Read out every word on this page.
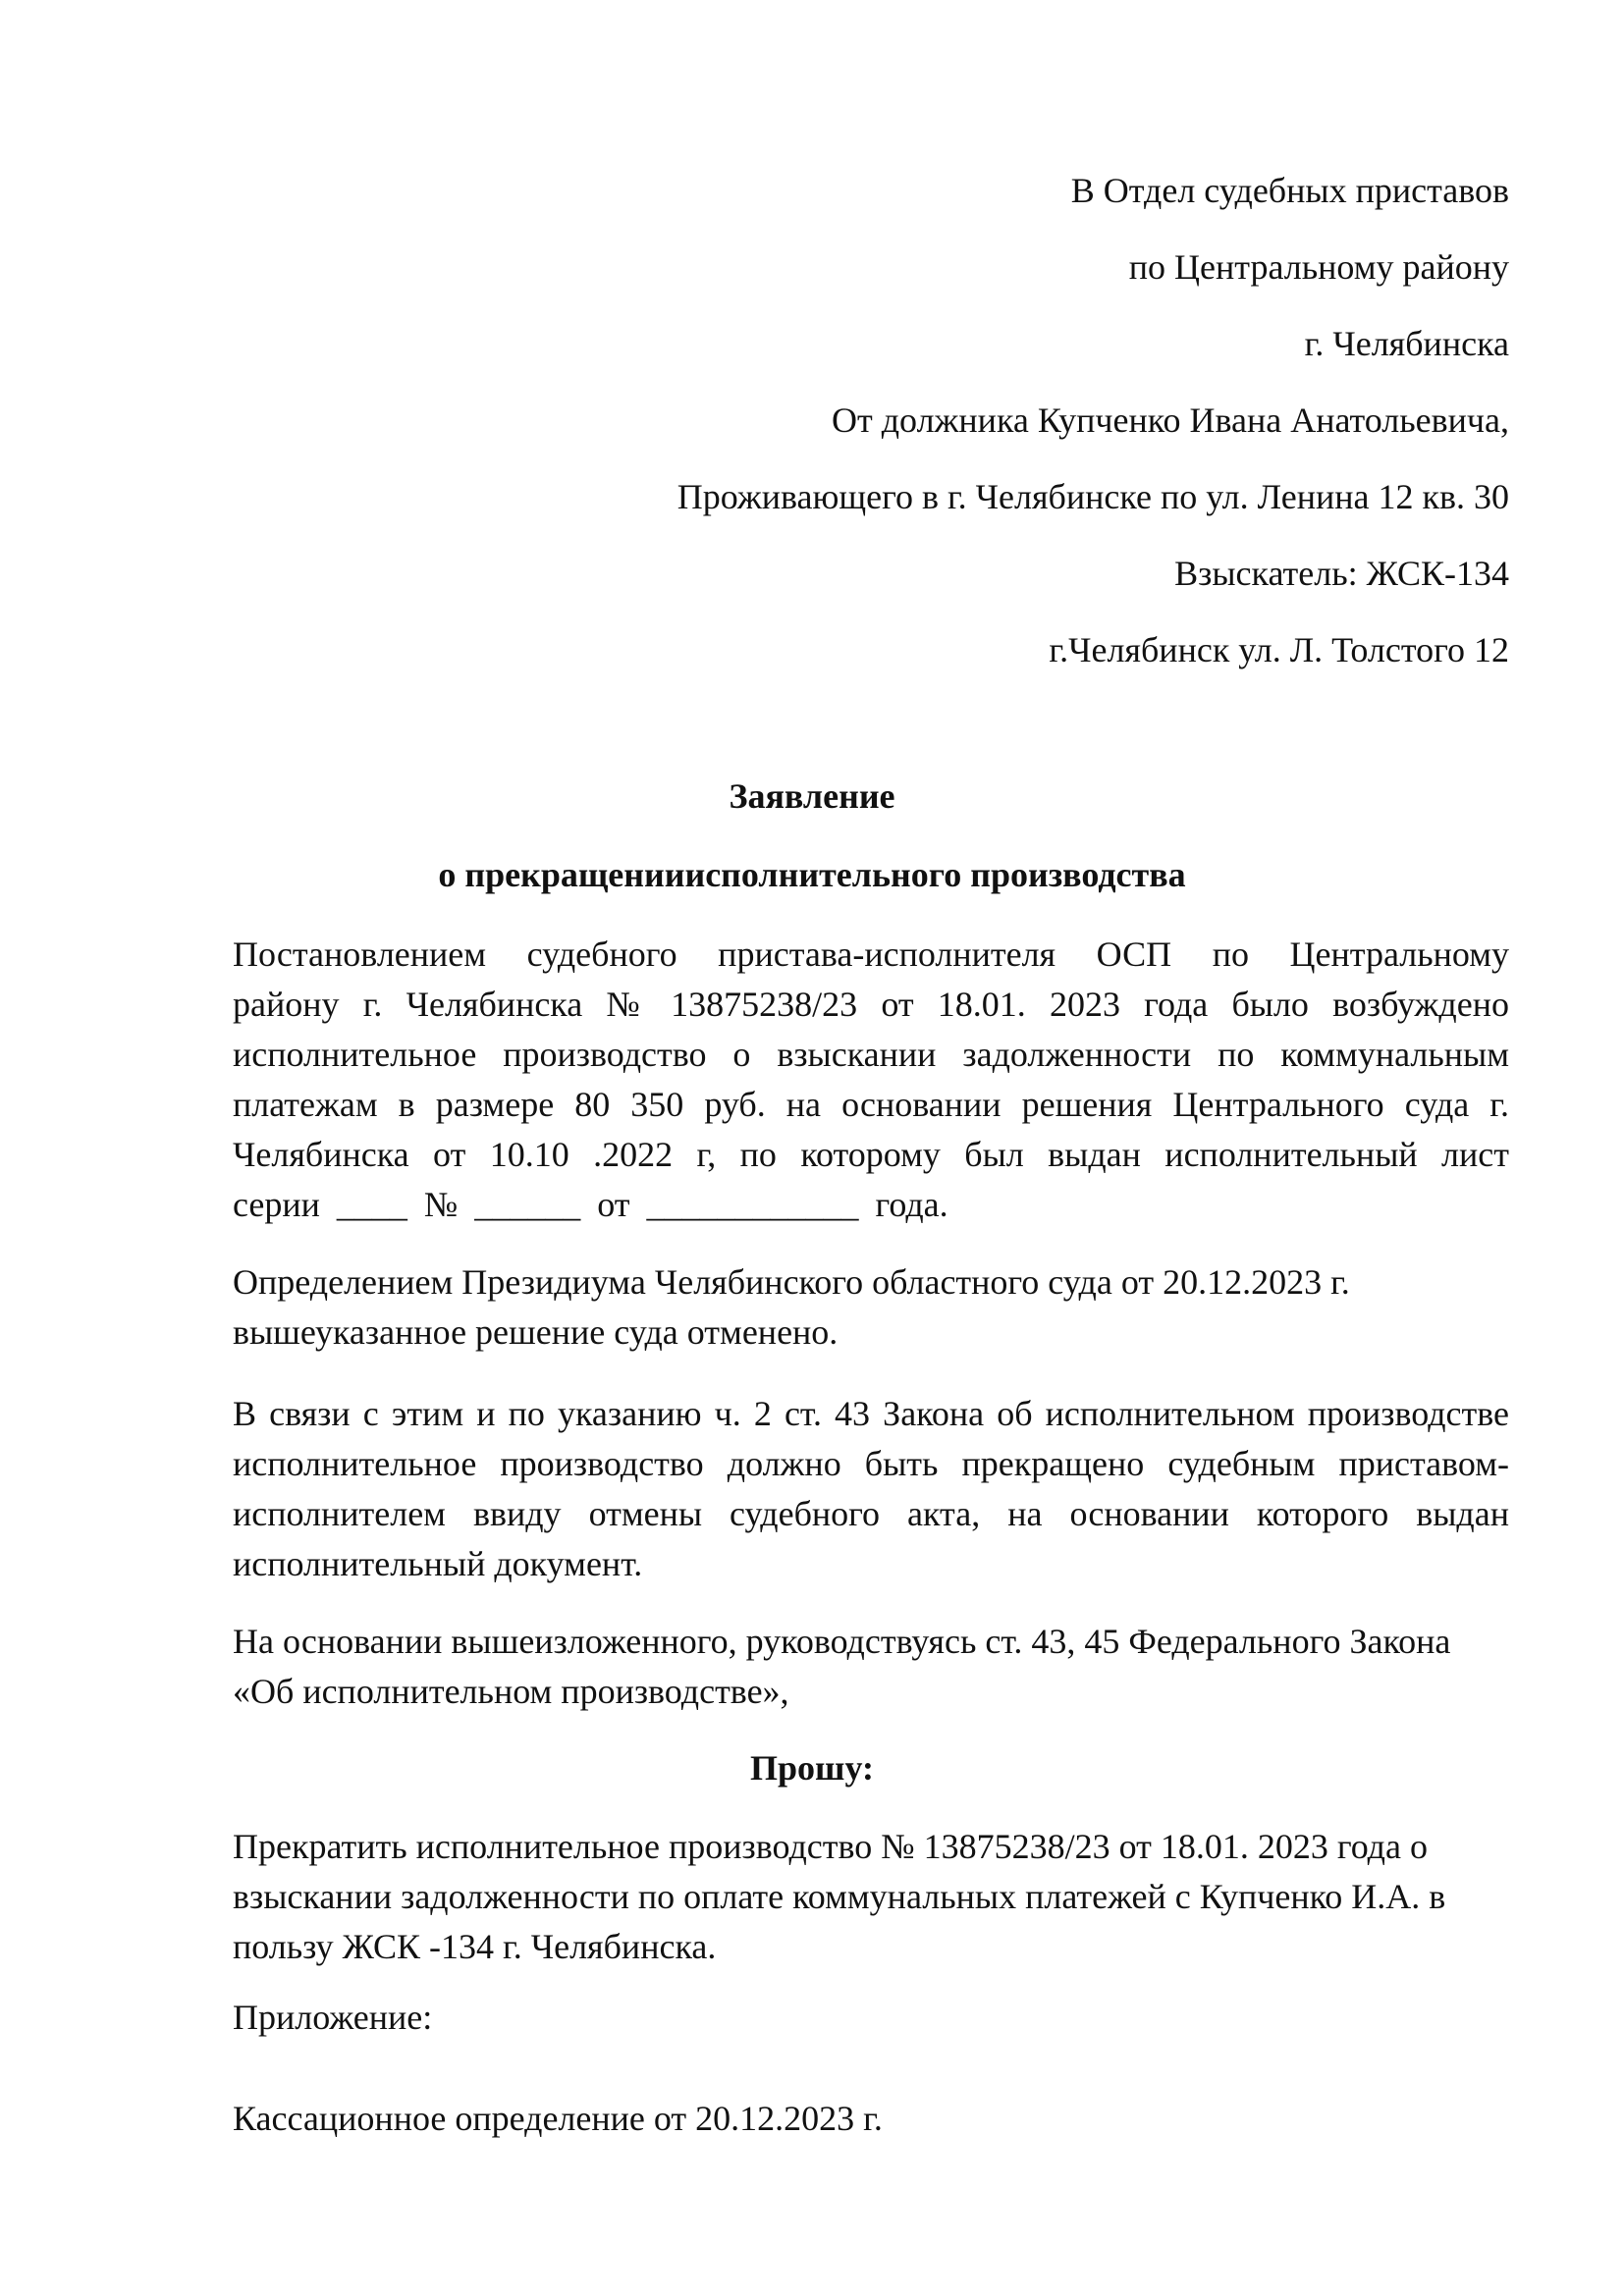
В Отдел судебных приставов
по Центральному району
г. Челябинска
От должника Купченко Ивана Анатольевича,
Проживающего в г. Челябинске по ул. Ленина 12 кв. 30
Взыскатель: ЖСК-134
г.Челябинск ул. Л. Толстого 12
Заявление
о прекращенииисполнительного производства
Постановлением судебного пристава-исполнителя ОСП по Центральному району г. Челябинска № 13875238/23 от 18.01. 2023 года было возбуждено исполнительное производство о взыскании задолженности по коммунальным платежам в размере 80 350 руб. на основании решения Центрального суда г. Челябинска от 10.10 .2022 г, по которому был выдан исполнительный лист серии ____ № ______ от ____________ года.
Определением Президиума Челябинского областного суда от 20.12.2023 г. вышеуказанное решение суда отменено.
В связи с этим и по указанию ч. 2 ст. 43 Закона об исполнительном производстве исполнительное производство должно быть прекращено судебным приставом-исполнителем ввиду отмены судебного акта, на основании которого выдан исполнительный документ.
На основании вышеизложенного, руководствуясь ст. 43, 45 Федерального Закона «Об исполнительном производстве»,
Прошу:
Прекратить исполнительное производство № 13875238/23 от 18.01. 2023 года о взыскании задолженности по оплате коммунальных платежей с Купченко И.А. в пользу ЖСК -134 г. Челябинска.
Приложение:
Кассационное определение от 20.12.2023 г.
